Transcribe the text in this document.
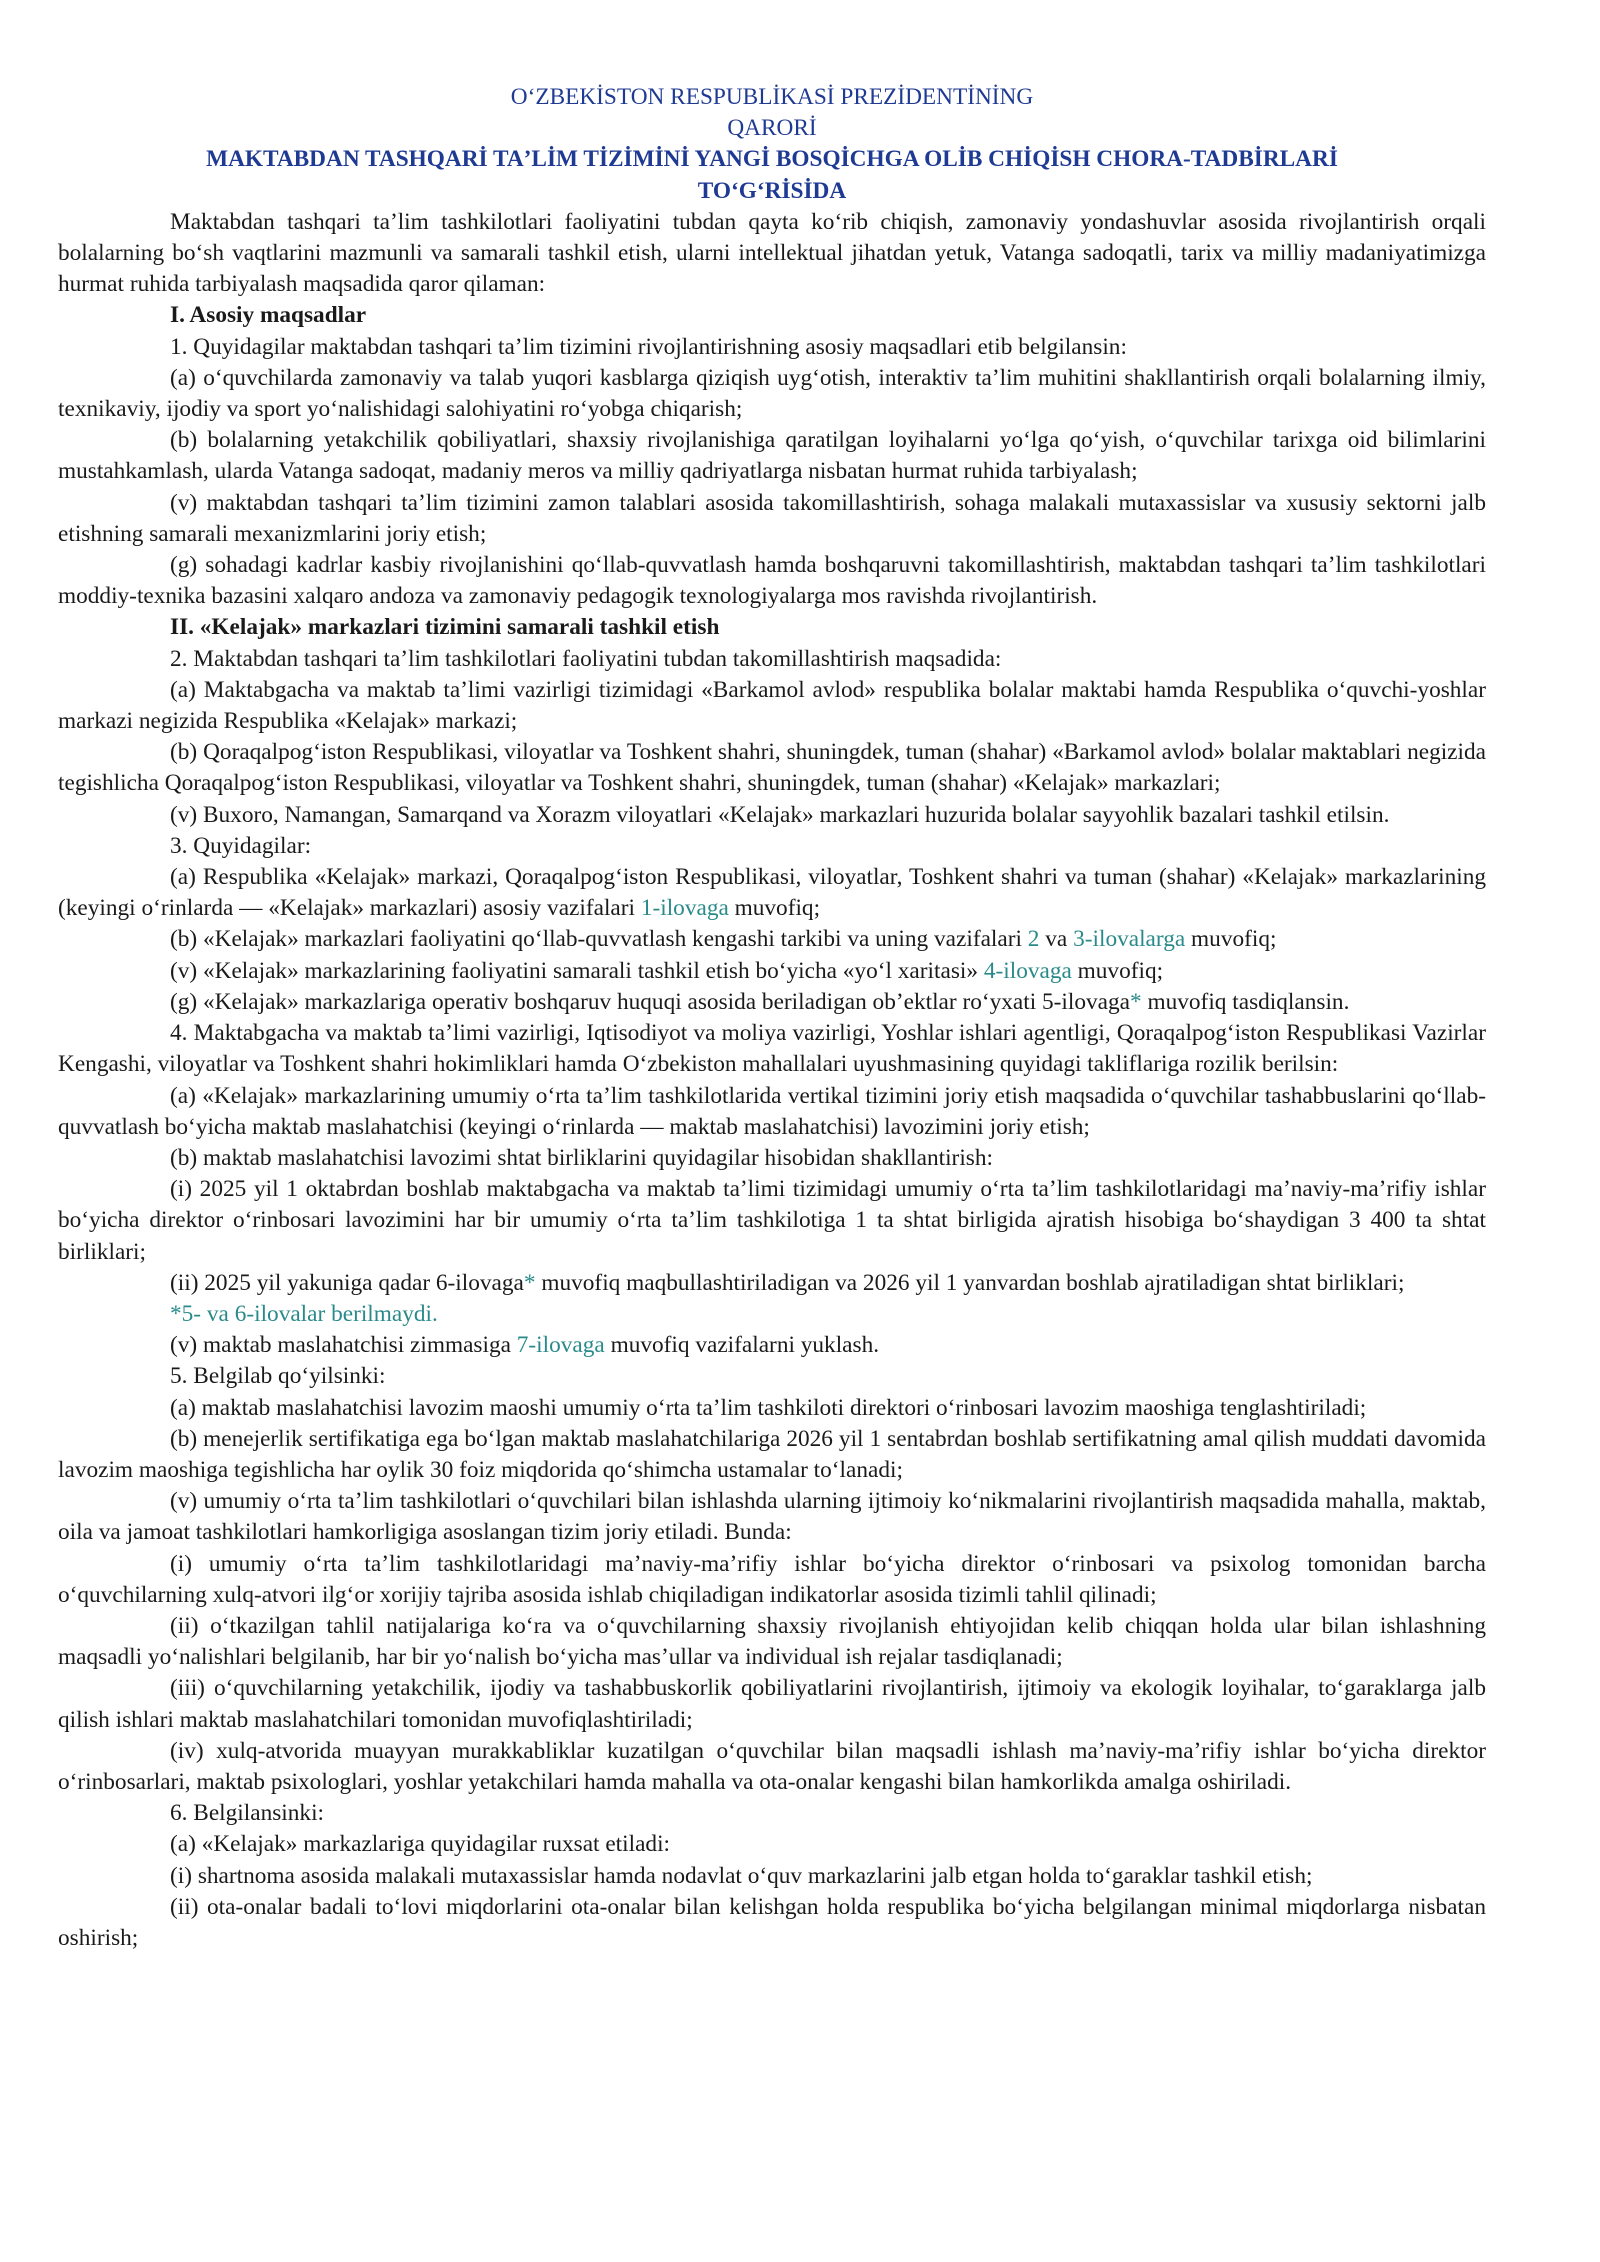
OʻZBEKİSTON RESPUBLİKASİ PREZİDENTİNİNG
QARORİ
MAKTABDAN TASHQARİ TAʼLİM TİZİMİNİ YANGİ BOSQİCHGA OLİB CHİQİSH CHORA-TADBİRLARİ
TOʻGʻRİSİDA

Maktabdan tashqari taʼlim tashkilotlari faoliyatini tubdan qayta koʻrib chiqish, zamonaviy yondashuvlar asosida rivojlantirish orqali bolalarning boʻsh vaqtlarini mazmunli va samarali tashkil etish, ularni intellektual jihatdan yetuk, Vatanga sadoqatli, tarix va milliy madaniyatimizga hurmat ruhida tarbiyalash maqsadida qaror qilaman:

I. Asosiy maqsadlar

1. Quyidagilar maktabdan tashqari taʼlim tizimini rivojlantirishning asosiy maqsadlari etib belgilansin:

(a) oʻquvchilarda zamonaviy va talab yuqori kasblarga qiziqish uygʻotish, interaktiv taʼlim muhitini shakllantirish orqali bolalarning ilmiy, texnikaviy, ijodiy va sport yoʻnalishidagi salohiyatini roʻyobga chiqarish;

(b) bolalarning yetakchilik qobiliyatlari, shaxsiy rivojlanishiga qaratilgan loyihalarni yoʻlga qoʻyish, oʻquvchilar tarixga oid bilimlarini mustahkamlash, ularda Vatanga sadoqat, madaniy meros va milliy qadriyatlarga nisbatan hurmat ruhida tarbiyalash;

(v) maktabdan tashqari taʼlim tizimini zamon talablari asosida takomillashtirish, sohaga malakali mutaxassislar va xususiy sektorni jalb etishning samarali mexanizmlarini joriy etish;

(g) sohadagi kadrlar kasbiy rivojlanishini qoʻllab-quvvatlash hamda boshqaruvni takomillashtirish, maktabdan tashqari taʼlim tashkilotlari moddiy-texnika bazasini xalqaro andoza va zamonaviy pedagogik texnologiyalarga mos ravishda rivojlantirish.

II. «Kelajak» markazlari tizimini samarali tashkil etish

2. Maktabdan tashqari taʼlim tashkilotlari faoliyatini tubdan takomillashtirish maqsadida:

(a) Maktabgacha va maktab taʼlimi vazirligi tizimidagi «Barkamol avlod» respublika bolalar maktabi hamda Respublika oʻquvchi-yoshlar markazi negizida Respublika «Kelajak» markazi;

(b) Qoraqalpogʻiston Respublikasi, viloyatlar va Toshkent shahri, shuningdek, tuman (shahar) «Barkamol avlod» bolalar maktablari negizida tegishlicha Qoraqalpogʻiston Respublikasi, viloyatlar va Toshkent shahri, shuningdek, tuman (shahar) «Kelajak» markazlari;

(v) Buxoro, Namangan, Samarqand va Xorazm viloyatlari «Kelajak» markazlari huzurida bolalar sayyohlik bazalari tashkil etilsin.

3. Quyidagilar:

(a) Respublika «Kelajak» markazi, Qoraqalpogʻiston Respublikasi, viloyatlar, Toshkent shahri va tuman (shahar) «Kelajak» markazlarining (keyingi oʻrinlarda — «Kelajak» markazlari) asosiy vazifalari 1-ilovaga muvofiq;

(b) «Kelajak» markazlari faoliyatini qoʻllab-quvvatlash kengashi tarkibi va uning vazifalari 2 va 3-ilovalarga muvofiq;

(v) «Kelajak» markazlarining faoliyatini samarali tashkil etish boʻyicha «yoʻl xaritasi» 4-ilovaga muvofiq;

(g) «Kelajak» markazlariga operativ boshqaruv huquqi asosida beriladigan obʼektlar roʻyxati 5-ilovaga* muvofiq tasdiqlansin.

4. Maktabgacha va maktab taʼlimi vazirligi, Iqtisodiyot va moliya vazirligi, Yoshlar ishlari agentligi, Qoraqalpogʻiston Respublikasi Vazirlar Kengashi, viloyatlar va Toshkent shahri hokimliklari hamda Oʻzbekiston mahallalari uyushmasining quyidagi takliflariga rozilik berilsin:

(a) «Kelajak» markazlarining umumiy oʻrta taʼlim tashkilotlarida vertikal tizimini joriy etish maqsadida oʻquvchilar tashabbuslarini qoʻllab-quvvatlash boʻyicha maktab maslahatchisi (keyingi oʻrinlarda — maktab maslahatchisi) lavozimini joriy etish;

(b) maktab maslahatchisi lavozimi shtat birliklarini quyidagilar hisobidan shakllantirish:

(i) 2025 yil 1 oktabrdan boshlab maktabgacha va maktab taʼlimi tizimidagi umumiy oʻrta taʼlim tashkilotlaridagi maʼnaviy-maʼrifiy ishlar boʻyicha direktor oʻrinbosari lavozimini har bir umumiy oʻrta taʼlim tashkilotiga 1 ta shtat birligida ajratish hisobiga boʻshaydigan 3 400 ta shtat birliklari;

(ii) 2025 yil yakuniga qadar 6-ilovaga* muvofiq maqbullashtiriladigan va 2026 yil 1 yanvardan boshlab ajratiladigan shtat birliklari;

*5- va 6-ilovalar berilmaydi.

(v) maktab maslahatchisi zimmasiga 7-ilovaga muvofiq vazifalarni yuklash.

5. Belgilab qoʻyilsinki:

(a) maktab maslahatchisi lavozim maoshi umumiy oʻrta taʼlim tashkiloti direktori oʻrinbosari lavozim maoshiga tenglashtiriladi;

(b) menejerlik sertifikatiga ega boʻlgan maktab maslahatchilariga 2026 yil 1 sentabrdan boshlab sertifikatning amal qilish muddati davomida lavozim maoshiga tegishlicha har oylik 30 foiz miqdorida qoʻshimcha ustamalar toʻlanadi;

(v) umumiy oʻrta taʼlim tashkilotlari oʻquvchilari bilan ishlashda ularning ijtimoiy koʻnikmalarini rivojlantirish maqsadida mahalla, maktab, oila va jamoat tashkilotlari hamkorligiga asoslangan tizim joriy etiladi. Bunda:

(i) umumiy oʻrta taʼlim tashkilotlaridagi maʼnaviy-maʼrifiy ishlar boʻyicha direktor oʻrinbosari va psixolog tomonidan barcha oʻquvchilarning xulq-atvori ilgʻor xorijiy tajriba asosida ishlab chiqiladigan indikatorlar asosida tizimli tahlil qilinadi;

(ii) oʻtkazilgan tahlil natijalariga koʻra va oʻquvchilarning shaxsiy rivojlanish ehtiyojidan kelib chiqqan holda ular bilan ishlashning maqsadli yoʻnalishlari belgilanib, har bir yoʻnalish boʻyicha masʼullar va individual ish rejalar tasdiqlanadi;

(iii) oʻquvchilarning yetakchilik, ijodiy va tashabbuskorlik qobiliyatlarini rivojlantirish, ijtimoiy va ekologik loyihalar, toʻgaraklarga jalb qilish ishlari maktab maslahatchilari tomonidan muvofiqlashtiriladi;

(iv) xulq-atvorida muayyan murakkabliklar kuzatilgan oʻquvchilar bilan maqsadli ishlash maʼnaviy-maʼrifiy ishlar boʻyicha direktor oʻrinbosarlari, maktab psixologlari, yoshlar yetakchilari hamda mahalla va ota-onalar kengashi bilan hamkorlikda amalga oshiriladi.

6. Belgilansinki:

(a) «Kelajak» markazlariga quyidagilar ruxsat etiladi:

(i) shartnoma asosida malakali mutaxassislar hamda nodavlat oʻquv markazlarini jalb etgan holda toʻgaraklar tashkil etish;

(ii) ota-onalar badali toʻlovi miqdorlarini ota-onalar bilan kelishgan holda respublika boʻyicha belgilangan minimal miqdorlarga nisbatan oshirish;
